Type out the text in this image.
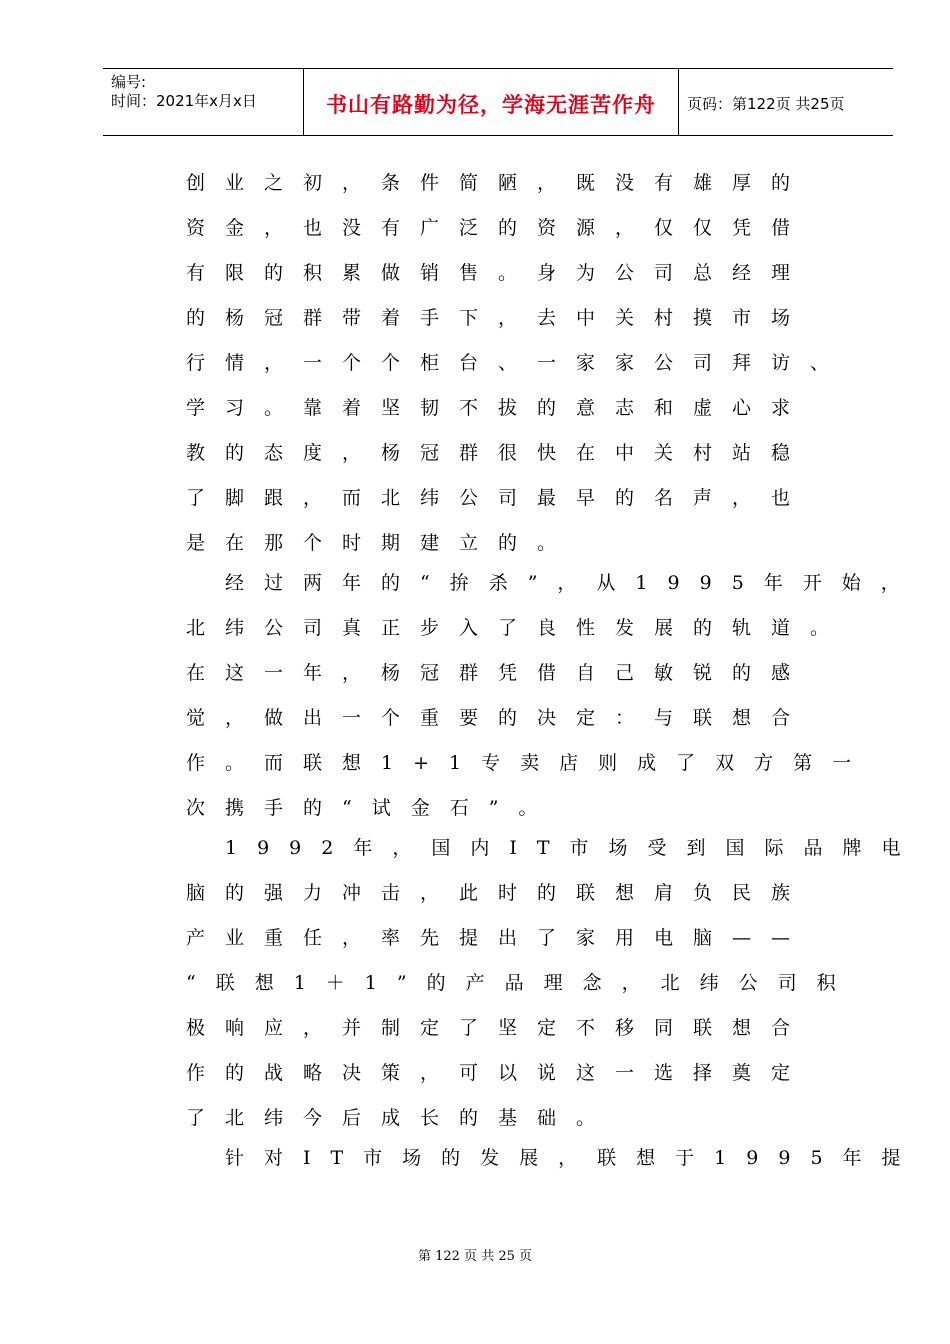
编号:
时间：2021年x月x日	书山有路勤为径，学海无涯苦作舟	页码：第122页 共25页
创业之初，条件简陋，既没有雄厚的
资金，也没有广泛的资源，仅仅凭借
有限的积累做销售。身为公司总经理
的杨冠群带着手下，去中关村摸市场
行情，一个个柜台、一家家公司拜访、
学习。靠着坚韧不拔的意志和虚心求
教的态度，杨冠群很快在中关村站稳
了脚跟，而北纬公司最早的名声，也
是在那个时期建立的。
经过两年的“拚杀”，从1995年开始，
北纬公司真正步入了良性发展的轨道。
在这一年，杨冠群凭借自己敏锐的感
觉，做出一个重要的决定：与联想合
作。而联想1+1专卖店则成了双方第一
次携手的“试金石”。
1992年，国内IT市场受到国际品牌电
脑的强力冲击，此时的联想肩负民族
产业重任，率先提出了家用电脑——
“联想1＋1”的产品理念，北纬公司积
极响应，并制定了坚定不移同联想合
作的战略决策，可以说这一选择奠定
了北纬今后成长的基础。
针对IT市场的发展，联想于1995年提
第 122 页 共 25 页
